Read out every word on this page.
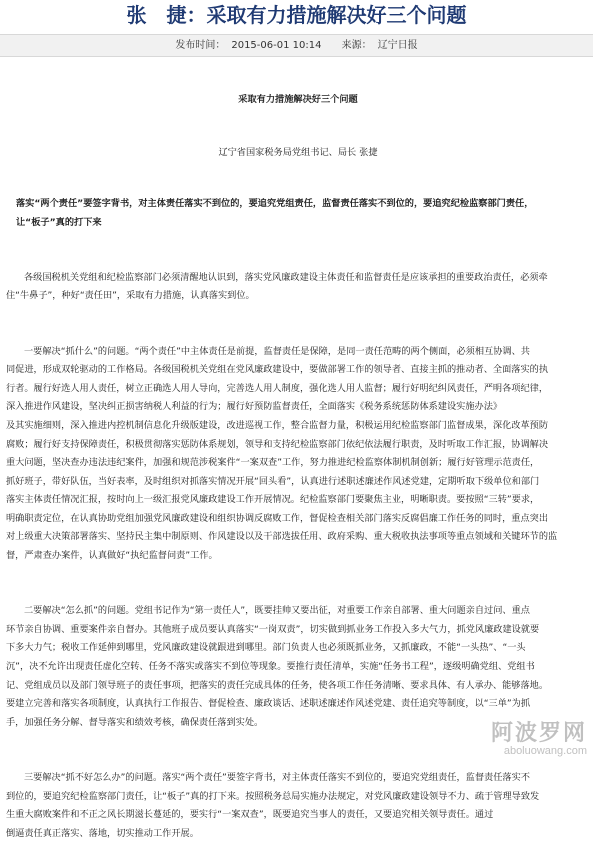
张　捷：采取有力措施解决好三个问题
发布时间： 2015-06-01 10:14 来源： 辽宁日报

采取有力措施解决好三个问题

辽宁省国家税务局党组书记、局长 张捷

落实“两个责任”要签字背书，对主体责任落实不到位的，要追究党组责任，监督责任落实不到位的，要追究纪检监察部门责任，
让“板子”真的打下来

各级国税机关党组和纪检监察部门必须清醒地认识到，落实党风廉政建设主体责任和监督责任是应该承担的重要政治责任，必须牵
住“牛鼻子”，种好“责任田”，采取有力措施，认真落实到位。

一要解决“抓什么”的问题。“两个责任”中主体责任是前提，监督责任是保障，是同一责任范畴的两个侧面，必须相互协调、共
同促进，形成双轮驱动的工作格局。各级国税机关党组在党风廉政建设中，要做部署工作的领导者、直接主抓的推动者、全面落实的执
行者。履行好选人用人责任，树立正确选人用人导向，完善选人用人制度，强化选人用人监督；履行好明纪纠风责任，严明各项纪律，
深入推进作风建设，坚决纠正损害纳税人利益的行为；履行好预防监督责任，全面落实《税务系统惩防体系建设实施办法》
及其实施细则，深入推进内控机制信息化升级版建设，改进巡视工作，整合监督力量，积极运用纪检监察部门监督成果，深化改革预防
腐败；履行好支持保障责任，积极贯彻落实惩防体系规划，领导和支持纪检监察部门依纪依法履行职责，及时听取工作汇报，协调解决
重大问题，坚决查办违法违纪案件，加强和规范涉税案件“一案双查”工作，努力推进纪检监察体制机制创新；履行好管理示范责任，
抓好班子，带好队伍，当好表率，及时组织对抓落实情况开展“回头看”，认真进行述职述廉述作风述党建，定期听取下级单位和部门
落实主体责任情况汇报，按时向上一级汇报党风廉政建设工作开展情况。纪检监察部门要聚焦主业，明晰职责。要按照“三转”要求，
明确职责定位，在认真协助党组加强党风廉政建设和组织协调反腐败工作，督促检查相关部门落实反腐倡廉工作任务的同时，重点突出
对上级重大决策部署落实、坚持民主集中制原则、作风建设以及干部选拔任用、政府采购、重大税收执法事项等重点领域和关键环节的监
督，严肃查办案件，认真做好“执纪监督问责”工作。

二要解决“怎么抓”的问题。党组书记作为“第一责任人”，既要挂帅又要出征，对重要工作亲自部署、重大问题亲自过问、重点
环节亲自协调、重要案件亲自督办。其他班子成员要认真落实“一岗双责”，切实做到抓业务工作投入多大气力，抓党风廉政建设就要
下多大力气；税收工作延伸到哪里，党风廉政建设就跟进到哪里。部门负责人也必须既抓业务，又抓廉政，不能“一头热”、“一头
沉”，决不允许出现责任虚化空转、任务不落实或落实不到位等现象。要推行责任清单，实施“任务书工程”，逐级明确党组、党组书
记、党组成员以及部门领导班子的责任事项，把落实的责任完成具体的任务，使各项工作任务清晰、要求具体、有人承办、能够落地。
要建立完善和落实各项制度，认真执行工作报告、督促检查、廉政谈话、述职述廉述作风述党建、责任追究等制度，以“三单”为抓
手，加强任务分解、督导落实和绩效考核，确保责任落到实处。

三要解决“抓不好怎么办”的问题。落实“两个责任”要签字背书，对主体责任落实不到位的，要追究党组责任，监督责任落实不
到位的，要追究纪检监察部门责任，让“板子”真的打下来。按照税务总局实施办法规定，对党风廉政建设领导不力、疏于管理导致发
生重大腐败案件和不正之风长期滋长蔓延的，要实行“一案双查”，既要追究当事人的责任，又要追究相关领导责任。通过
倒逼责任真正落实、落地，切实推动工作开展。

阿波罗网
aboluowang.com
